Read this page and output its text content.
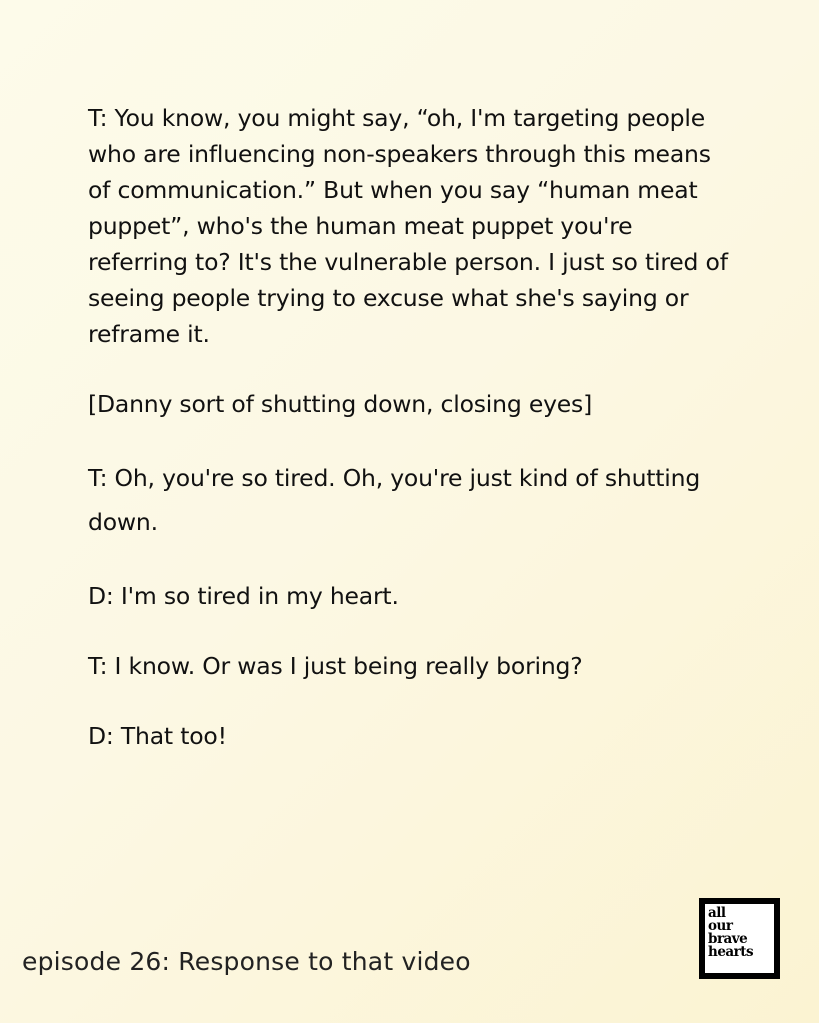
T: You know, you might say, “oh, I'm targeting people who are influencing non-speakers through this means of communication.” But when you say “human meat puppet”, who's the human meat puppet you're referring to? It's the vulnerable person. I just so tired of seeing people trying to excuse what she's saying or reframe it.

[Danny sort of shutting down, closing eyes]

T: Oh, you're so tired. Oh, you're just kind of shutting down.

D: I'm so tired in my heart.

T: I know. Or was I just being really boring?

D: That too!

episode 26: Response to that video
all
our
brave
hearts
